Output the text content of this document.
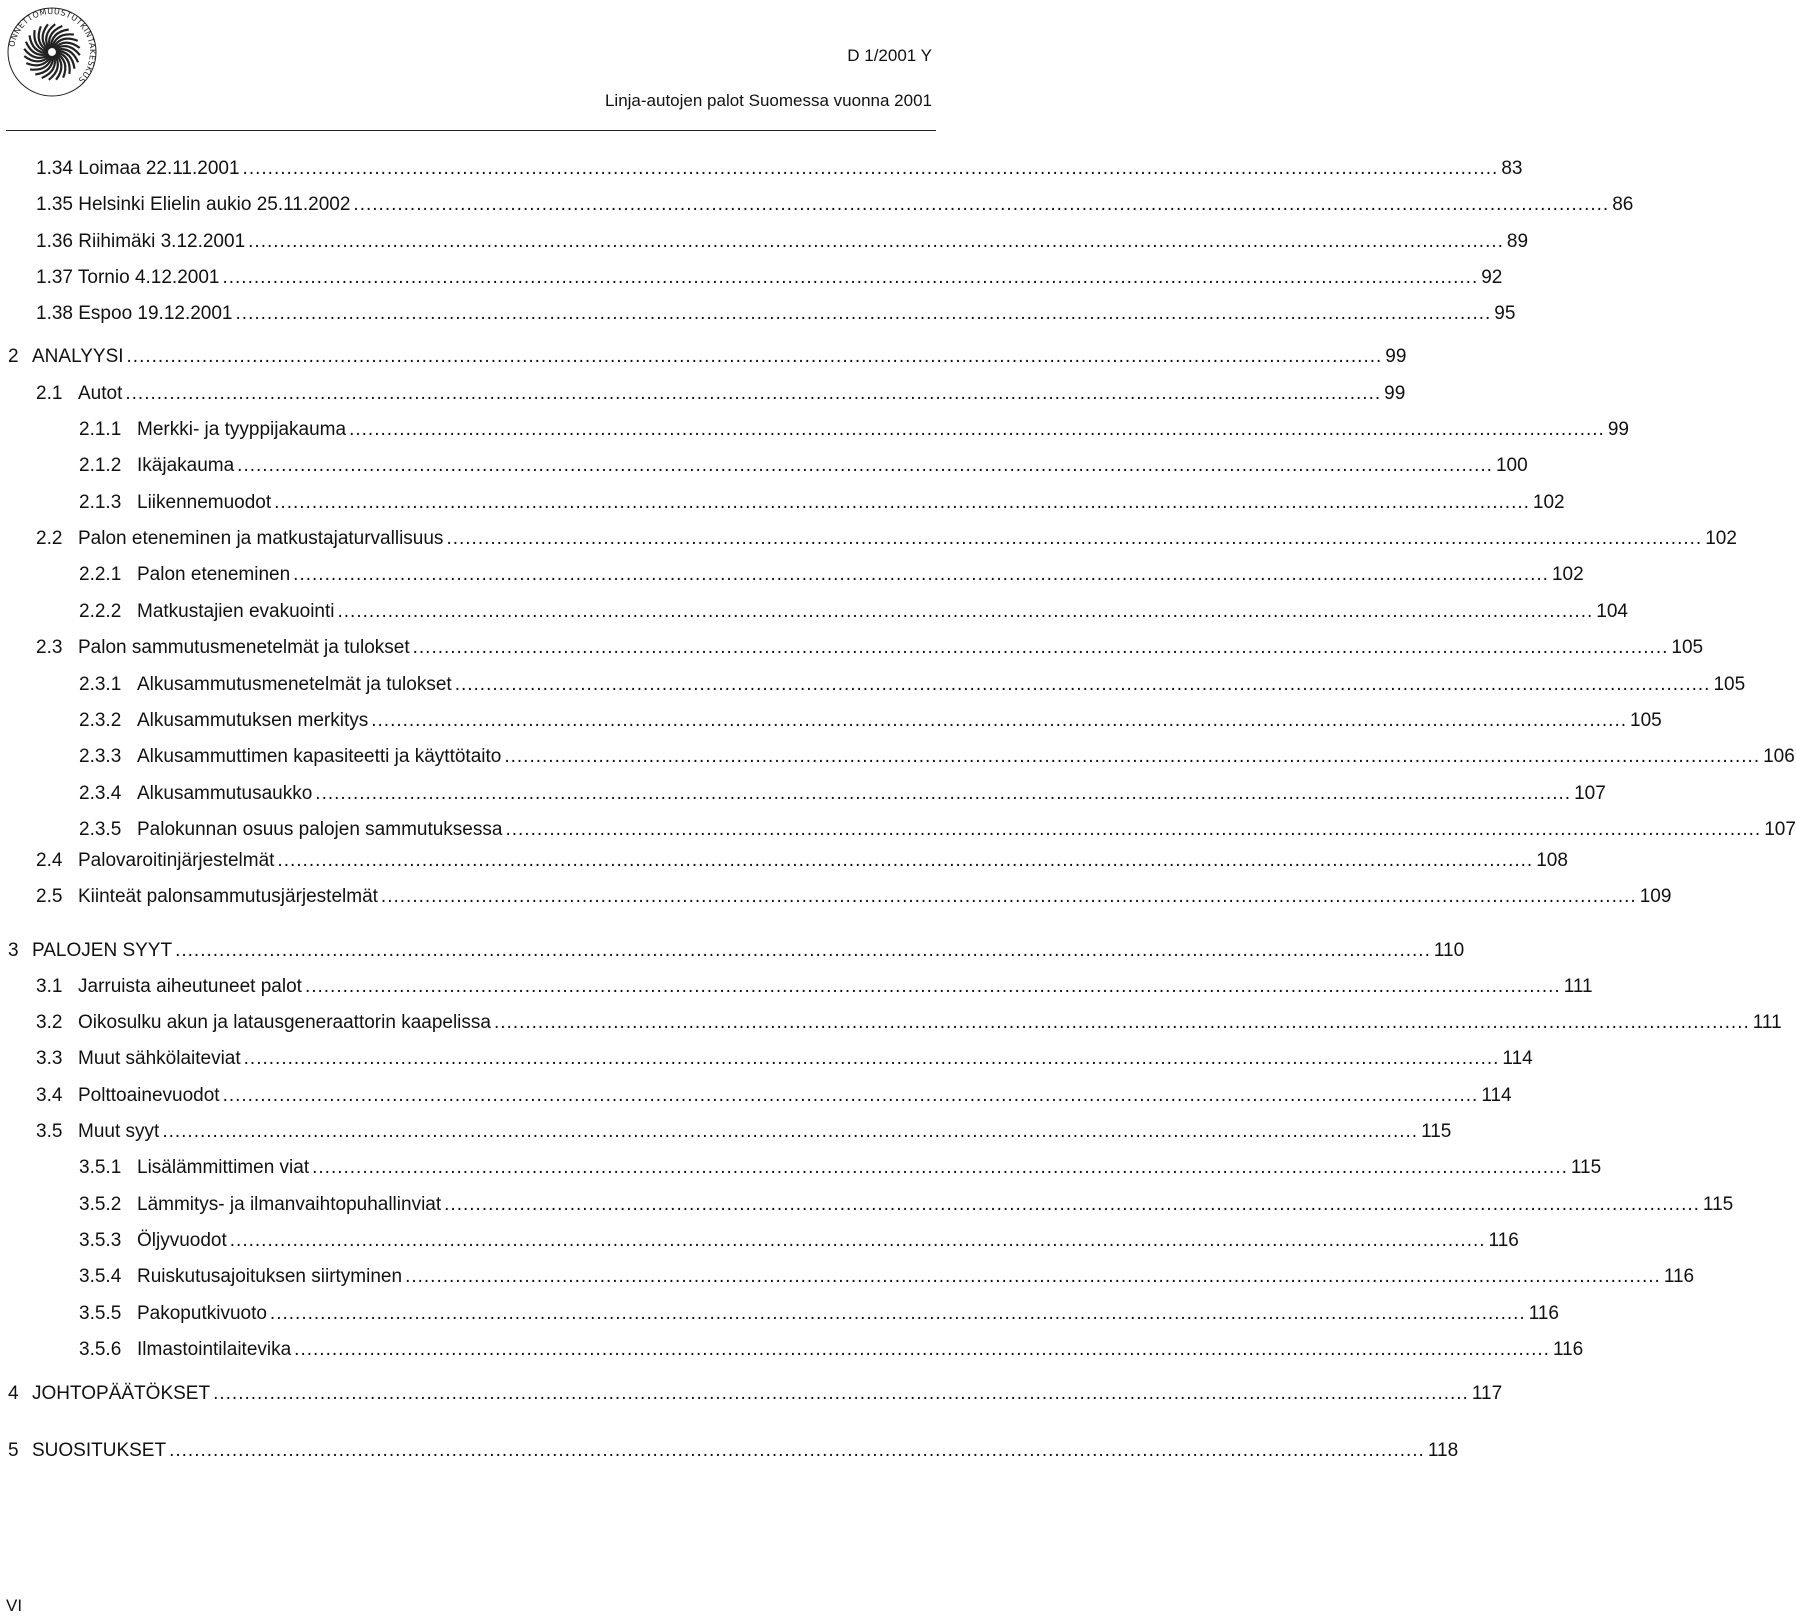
ONNETTOMUUSTUTKINTAKESKUS
D 1/2001 Y
Linja-autojen palot Suomessa vuonna 2001
1.34 Loimaa 22.11.2001 ........................................................................................................................................................................................................ 83
1.35 Helsinki Elielin aukio 25.11.2002 ........................................................................................................................................................................................................ 86
1.36 Riihimäki 3.12.2001 ........................................................................................................................................................................................................ 89
1.37 Tornio 4.12.2001 ........................................................................................................................................................................................................ 92
1.38 Espoo 19.12.2001 ........................................................................................................................................................................................................ 95
2 ANALYYSI ........................................................................................................................................................................................................ 99
2.1 Autot ........................................................................................................................................................................................................ 99
2.1.1 Merkki- ja tyyppijakauma ........................................................................................................................................................................................................ 99
2.1.2 Ikäjakauma ........................................................................................................................................................................................................ 100
2.1.3 Liikennemuodot ........................................................................................................................................................................................................ 102
2.2 Palon eteneminen ja matkustajaturvallisuus ........................................................................................................................................................................................................ 102
2.2.1 Palon eteneminen ........................................................................................................................................................................................................ 102
2.2.2 Matkustajien evakuointi ........................................................................................................................................................................................................ 104
2.3 Palon sammutusmenetelmät ja tulokset ........................................................................................................................................................................................................ 105
2.3.1 Alkusammutusmenetelmät ja tulokset ........................................................................................................................................................................................................ 105
2.3.2 Alkusammutuksen merkitys ........................................................................................................................................................................................................ 105
2.3.3 Alkusammuttimen kapasiteetti ja käyttötaito ........................................................................................................................................................................................................ 106
2.3.4 Alkusammutusaukko ........................................................................................................................................................................................................ 107
2.3.5 Palokunnan osuus palojen sammutuksessa ........................................................................................................................................................................................................ 107
2.4 Palovaroitinjärjestelmät ........................................................................................................................................................................................................ 108
2.5 Kiinteät palonsammutusjärjestelmät ........................................................................................................................................................................................................ 109
3 PALOJEN SYYT ........................................................................................................................................................................................................ 110
3.1 Jarruista aiheutuneet palot ........................................................................................................................................................................................................ 111
3.2 Oikosulku akun ja latausgeneraattorin kaapelissa ........................................................................................................................................................................................................ 111
3.3 Muut sähkölaiteviat ........................................................................................................................................................................................................ 114
3.4 Polttoainevuodot ........................................................................................................................................................................................................ 114
3.5 Muut syyt ........................................................................................................................................................................................................ 115
3.5.1 Lisälämmittimen viat ........................................................................................................................................................................................................ 115
3.5.2 Lämmitys- ja ilmanvaihtopuhallinviat ........................................................................................................................................................................................................ 115
3.5.3 Öljyvuodot ........................................................................................................................................................................................................ 116
3.5.4 Ruiskutusajoituksen siirtyminen ........................................................................................................................................................................................................ 116
3.5.5 Pakoputkivuoto ........................................................................................................................................................................................................ 116
3.5.6 Ilmastointilaitevika ........................................................................................................................................................................................................ 116
4 JOHTOPÄÄTÖKSET ........................................................................................................................................................................................................ 117
5 SUOSITUKSET ........................................................................................................................................................................................................ 118
VI
